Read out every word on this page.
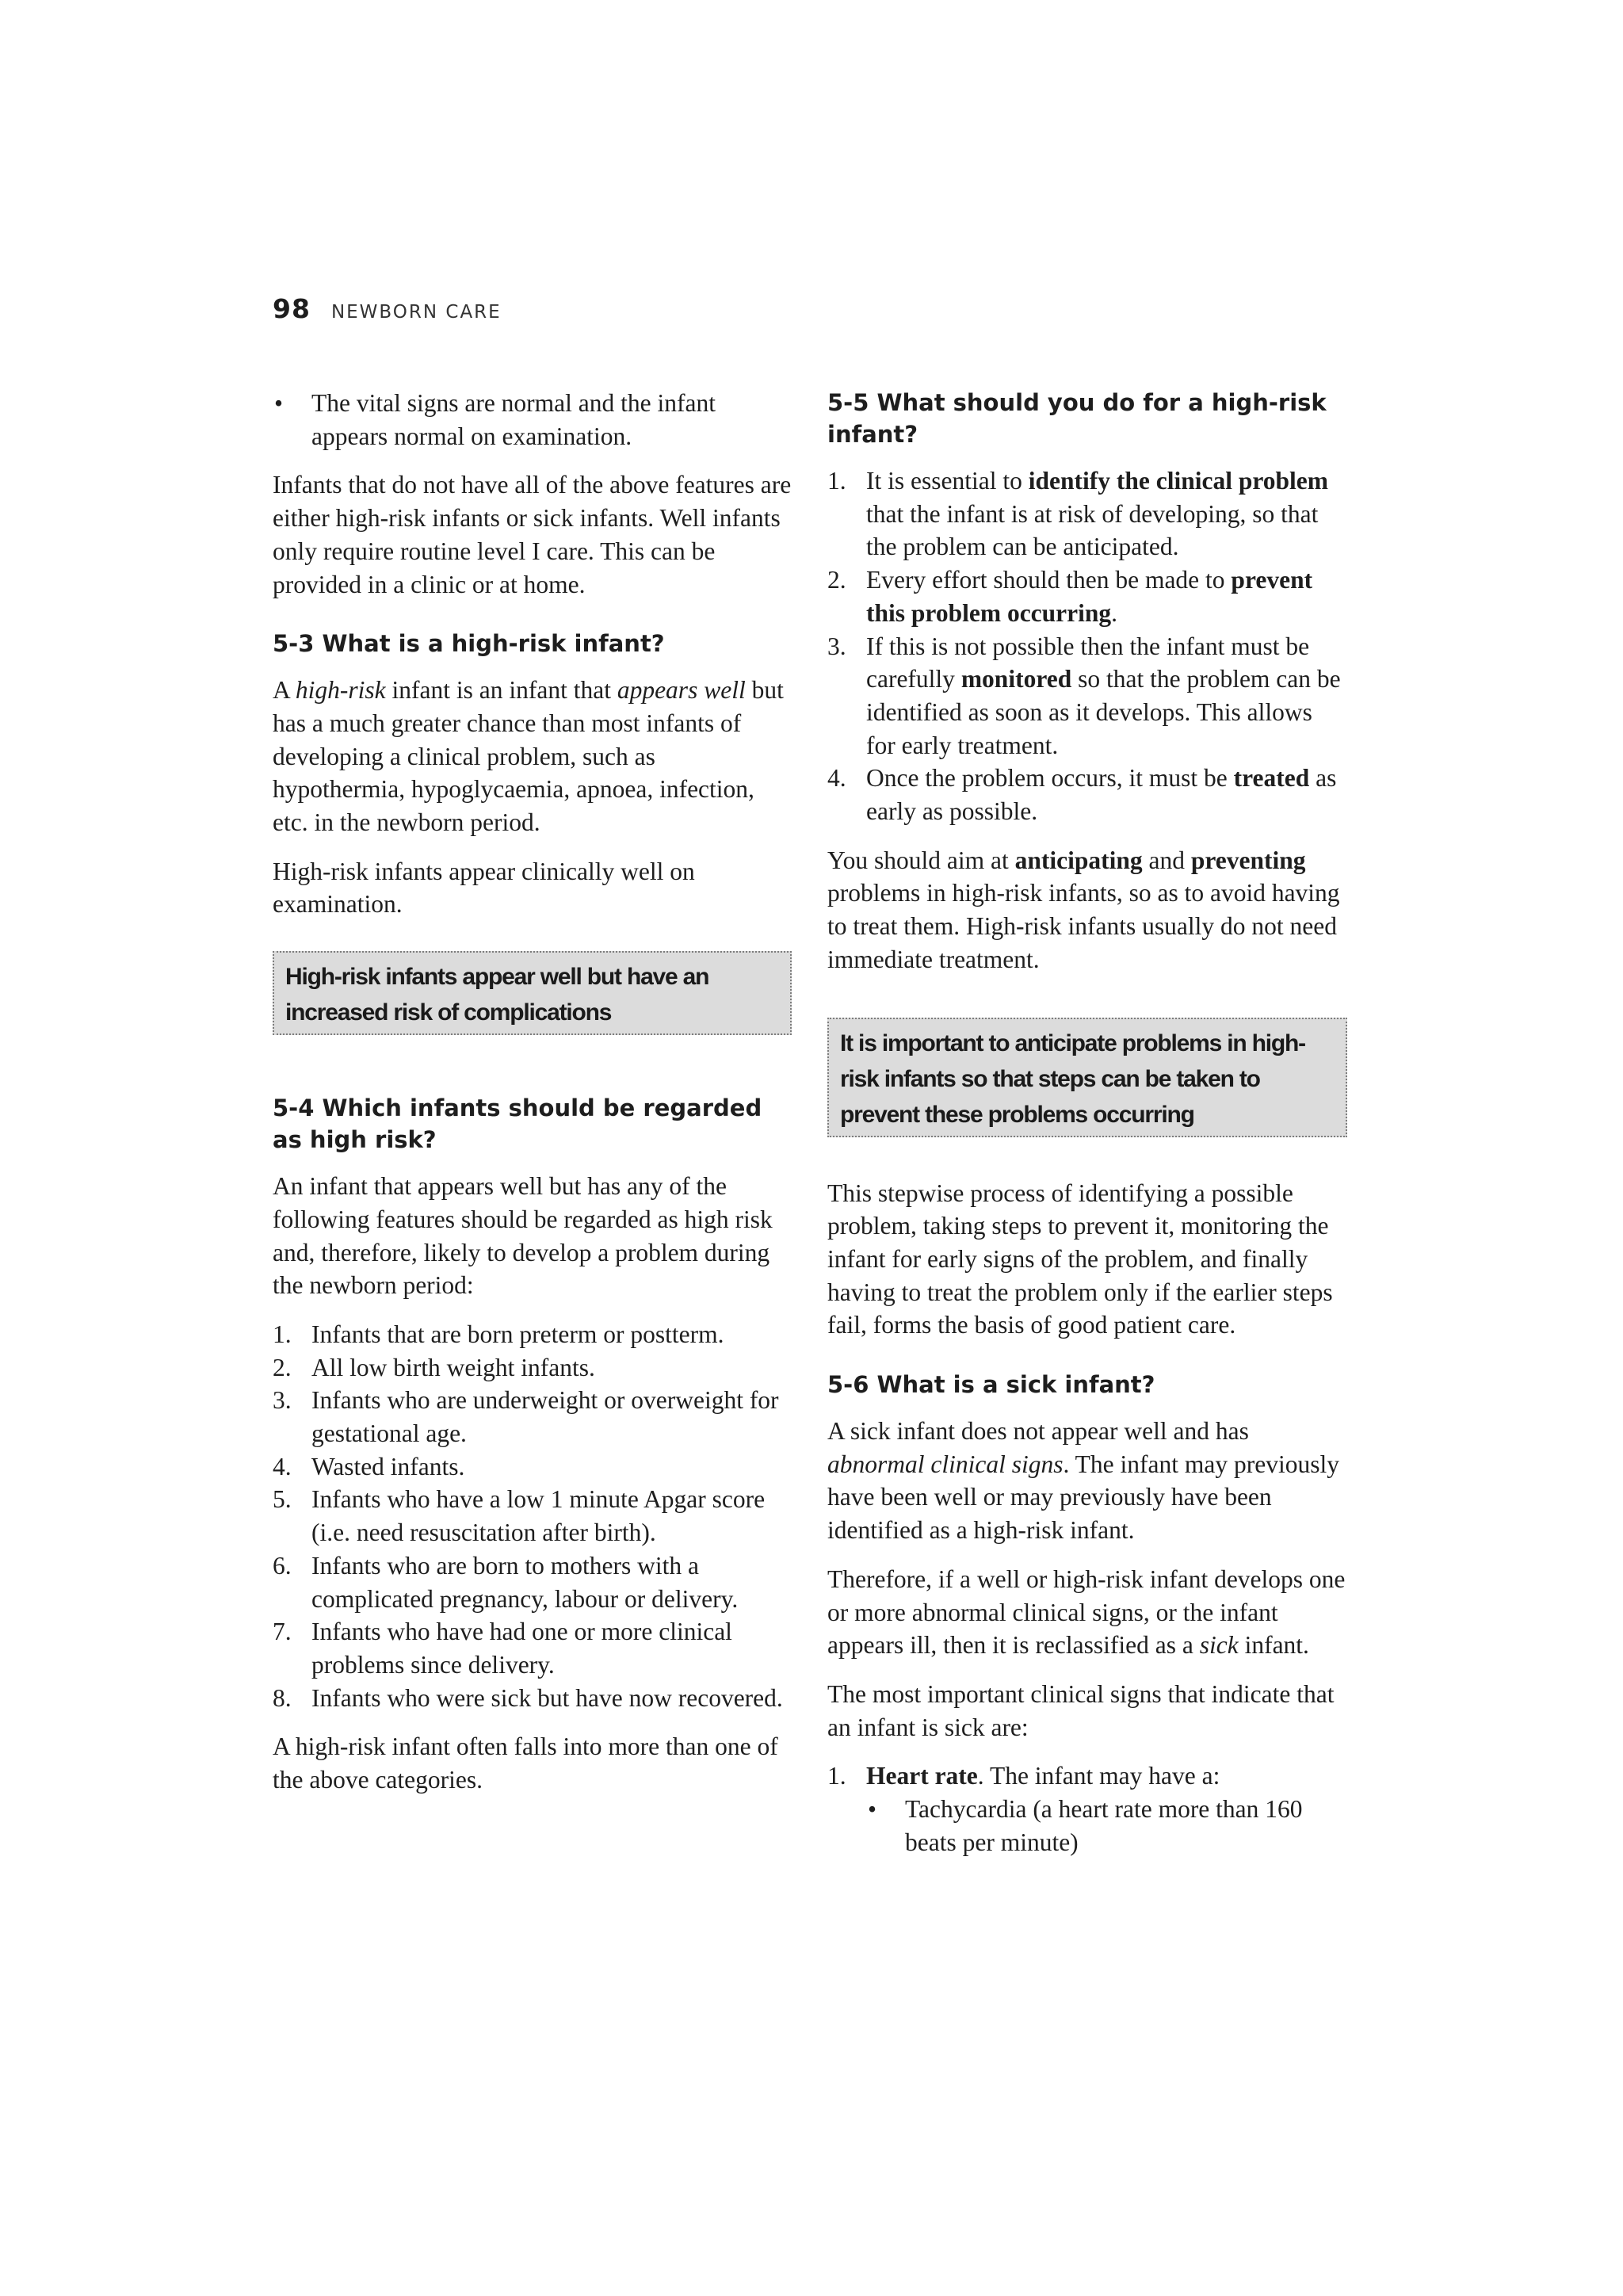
98 NEWBORN CARE
• The vital signs are normal and the infant appears normal on examination.

Infants that do not have all of the above features are either high-risk infants or sick infants. Well infants only require routine level I care. This can be provided in a clinic or at home.

5-3 What is a high-risk infant?

A high-risk infant is an infant that appears well but has a much greater chance than most infants of developing a clinical problem, such as hypothermia, hypoglycaemia, apnoea, infection, etc. in the newborn period.

High-risk infants appear clinically well on examination.

High-risk infants appear well but have an increased risk of complications
5-4 Which infants should be regarded as high risk?

An infant that appears well but has any of the following features should be regarded as high risk and, therefore, likely to develop a problem during the newborn period:

1. Infants that are born preterm or postterm.
2. All low birth weight infants.
3. Infants who are underweight or overweight for gestational age.
4. Wasted infants.
5. Infants who have a low 1 minute Apgar score (i.e. need resuscitation after birth).
6. Infants who are born to mothers with a complicated pregnancy, labour or delivery.
7. Infants who have had one or more clinical problems since delivery.
8. Infants who were sick but have now recovered.

A high-risk infant often falls into more than one of the above categories.

5-5 What should you do for a high-risk infant?
1. It is essential to identify the clinical problem that the infant is at risk of developing, so that the problem can be anticipated.
2. Every effort should then be made to prevent this problem occurring.
3. If this is not possible then the infant must be carefully monitored so that the problem can be identified as soon as it develops. This allows for early treatment.
4. Once the problem occurs, it must be treated as early as possible.

You should aim at anticipating and preventing problems in high-risk infants, so as to avoid having to treat them. High-risk infants usually do not need immediate treatment.

It is important to anticipate problems in high-risk infants so that steps can be taken to prevent these problems occurring

This stepwise process of identifying a possible problem, taking steps to prevent it, monitoring the infant for early signs of the problem, and finally having to treat the problem only if the earlier steps fail, forms the basis of good patient care.

5-6 What is a sick infant?

A sick infant does not appear well and has abnormal clinical signs. The infant may previously have been well or may previously have been identified as a high-risk infant.

Therefore, if a well or high-risk infant develops one or more abnormal clinical signs, or the infant appears ill, then it is reclassified as a sick infant.

The most important clinical signs that indicate that an infant is sick are:

1. Heart rate. The infant may have a:
• Tachycardia (a heart rate more than 160 beats per minute)
